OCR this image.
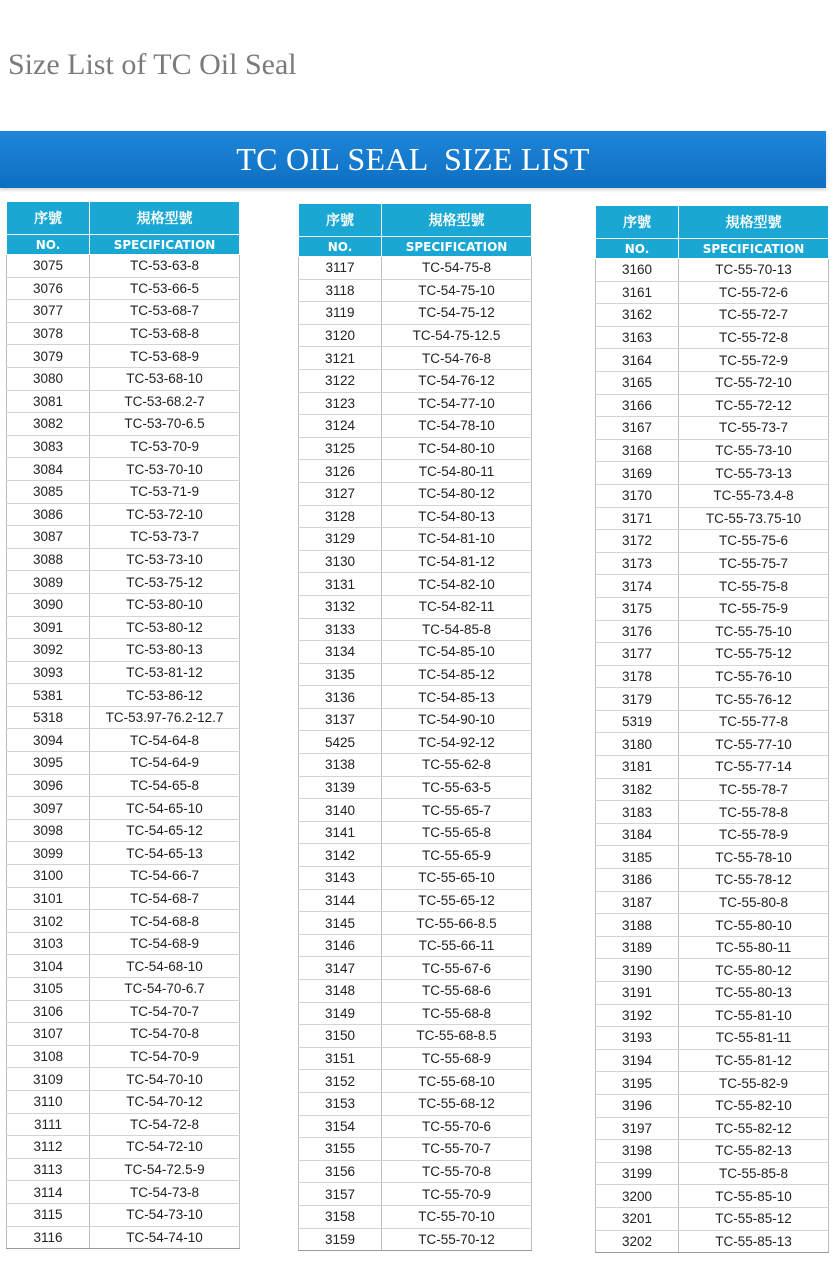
Size List of TC Oil Seal
TC OIL SEAL  SIZE LIST
序號	規格型號
NO.	SPECIFICATION
3075	TC-53-63-8
3076	TC-53-66-5
3077	TC-53-68-7
3078	TC-53-68-8
3079	TC-53-68-9
3080	TC-53-68-10
3081	TC-53-68.2-7
3082	TC-53-70-6.5
3083	TC-53-70-9
3084	TC-53-70-10
3085	TC-53-71-9
3086	TC-53-72-10
3087	TC-53-73-7
3088	TC-53-73-10
3089	TC-53-75-12
3090	TC-53-80-10
3091	TC-53-80-12
3092	TC-53-80-13
3093	TC-53-81-12
5381	TC-53-86-12
5318	TC-53.97-76.2-12.7
3094	TC-54-64-8
3095	TC-54-64-9
3096	TC-54-65-8
3097	TC-54-65-10
3098	TC-54-65-12
3099	TC-54-65-13
3100	TC-54-66-7
3101	TC-54-68-7
3102	TC-54-68-8
3103	TC-54-68-9
3104	TC-54-68-10
3105	TC-54-70-6.7
3106	TC-54-70-7
3107	TC-54-70-8
3108	TC-54-70-9
3109	TC-54-70-10
3110	TC-54-70-12
3111	TC-54-72-8
3112	TC-54-72-10
3113	TC-54-72.5-9
3114	TC-54-73-8
3115	TC-54-73-10
3116	TC-54-74-10
序號	規格型號
NO.	SPECIFICATION
3117	TC-54-75-8
3118	TC-54-75-10
3119	TC-54-75-12
3120	TC-54-75-12.5
3121	TC-54-76-8
3122	TC-54-76-12
3123	TC-54-77-10
3124	TC-54-78-10
3125	TC-54-80-10
3126	TC-54-80-11
3127	TC-54-80-12
3128	TC-54-80-13
3129	TC-54-81-10
3130	TC-54-81-12
3131	TC-54-82-10
3132	TC-54-82-11
3133	TC-54-85-8
3134	TC-54-85-10
3135	TC-54-85-12
3136	TC-54-85-13
3137	TC-54-90-10
5425	TC-54-92-12
3138	TC-55-62-8
3139	TC-55-63-5
3140	TC-55-65-7
3141	TC-55-65-8
3142	TC-55-65-9
3143	TC-55-65-10
3144	TC-55-65-12
3145	TC-55-66-8.5
3146	TC-55-66-11
3147	TC-55-67-6
3148	TC-55-68-6
3149	TC-55-68-8
3150	TC-55-68-8.5
3151	TC-55-68-9
3152	TC-55-68-10
3153	TC-55-68-12
3154	TC-55-70-6
3155	TC-55-70-7
3156	TC-55-70-8
3157	TC-55-70-9
3158	TC-55-70-10
3159	TC-55-70-12
序號	規格型號
NO.	SPECIFICATION
3160	TC-55-70-13
3161	TC-55-72-6
3162	TC-55-72-7
3163	TC-55-72-8
3164	TC-55-72-9
3165	TC-55-72-10
3166	TC-55-72-12
3167	TC-55-73-7
3168	TC-55-73-10
3169	TC-55-73-13
3170	TC-55-73.4-8
3171	TC-55-73.75-10
3172	TC-55-75-6
3173	TC-55-75-7
3174	TC-55-75-8
3175	TC-55-75-9
3176	TC-55-75-10
3177	TC-55-75-12
3178	TC-55-76-10
3179	TC-55-76-12
5319	TC-55-77-8
3180	TC-55-77-10
3181	TC-55-77-14
3182	TC-55-78-7
3183	TC-55-78-8
3184	TC-55-78-9
3185	TC-55-78-10
3186	TC-55-78-12
3187	TC-55-80-8
3188	TC-55-80-10
3189	TC-55-80-11
3190	TC-55-80-12
3191	TC-55-80-13
3192	TC-55-81-10
3193	TC-55-81-11
3194	TC-55-81-12
3195	TC-55-82-9
3196	TC-55-82-10
3197	TC-55-82-12
3198	TC-55-82-13
3199	TC-55-85-8
3200	TC-55-85-10
3201	TC-55-85-12
3202	TC-55-85-13
